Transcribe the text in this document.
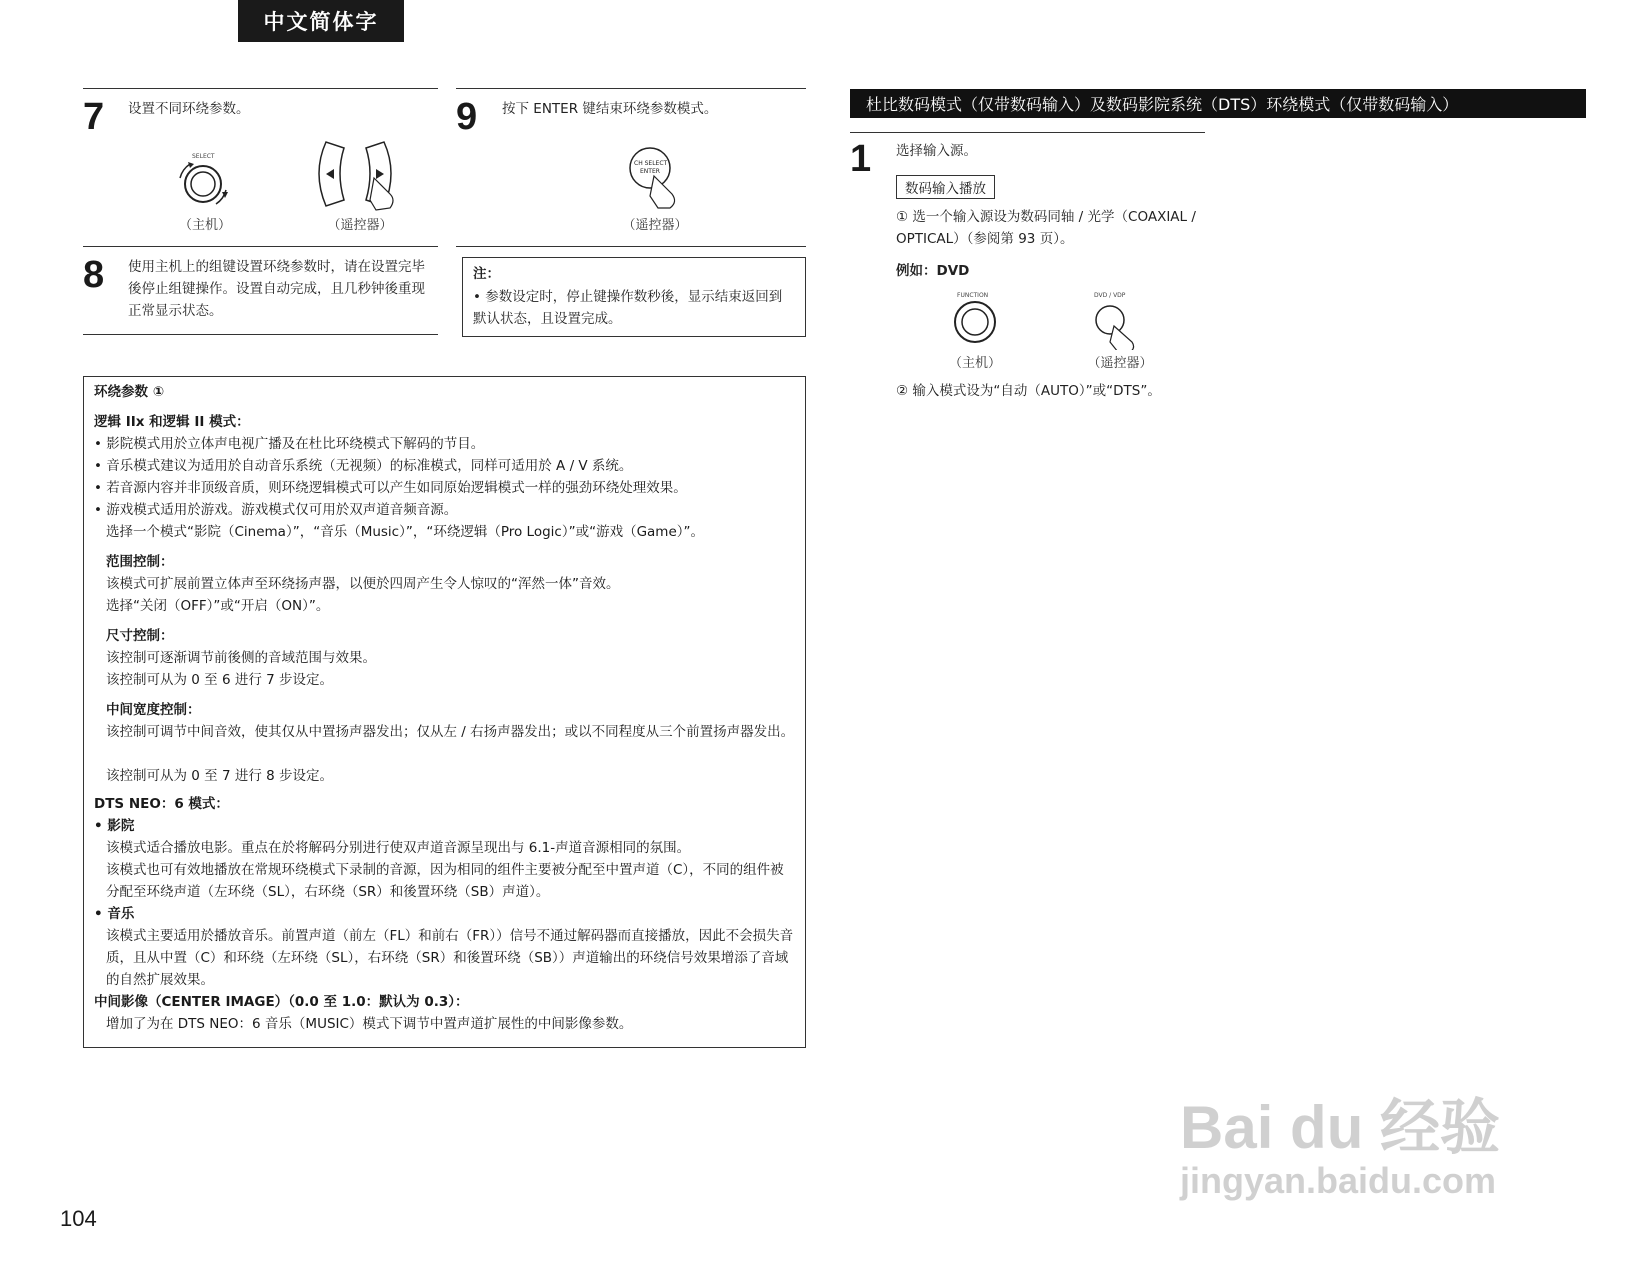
中文简体字
7 设置不同环绕参数。
SELECT
（主机）	（遥控器）
9 按下 ENTER 键结束环绕参数模式。
CH SELECT
ENTER
（遥控器）
8 使用主机上的组键设置环绕参数时，请在设置完毕後停止组键操作。设置自动完成，且几秒钟後重现正常显示状态。
注：
• 参数设定时，停止键操作数秒後，显示结束返回到默认状态，且设置完成。
环绕参数 ①
逻辑 IIx 和逻辑 II 模式：
• 影院模式用於立体声电视广播及在杜比环绕模式下解码的节目。
• 音乐模式建议为适用於自动音乐系统（无视频）的标准模式，同样可适用於 A / V 系统。
• 若音源内容并非顶级音质，则环绕逻辑模式可以产生如同原始逻辑模式一样的强劲环绕处理效果。
• 游戏模式适用於游戏。游戏模式仅可用於双声道音频音源。
选择一个模式“影院（Cinema）”，“音乐（Music）”，“环绕逻辑（Pro Logic）”或“游戏（Game）”。
范围控制：
该模式可扩展前置立体声至环绕扬声器，以便於四周产生令人惊叹的“浑然一体”音效。
选择“关闭（OFF）”或“开启（ON）”。
尺寸控制：
该控制可逐渐调节前後侧的音域范围与效果。
该控制可从为 0 至 6 进行 7 步设定。
中间宽度控制：
该控制可调节中间音效，使其仅从中置扬声器发出；仅从左 / 右扬声器发出；或以不同程度从三个前置扬声器发出。
该控制可从为 0 至 7 进行 8 步设定。
DTS NEO：6 模式：
• 影院
该模式适合播放电影。重点在於将解码分别进行使双声道音源呈现出与 6.1-声道音源相同的氛围。
该模式也可有效地播放在常规环绕模式下录制的音源，因为相同的组件主要被分配至中置声道（C），不同的组件被分配至环绕声道（左环绕（SL），右环绕（SR）和後置环绕（SB）声道）。
• 音乐
该模式主要适用於播放音乐。前置声道（前左（FL）和前右（FR））信号不通过解码器而直接播放，因此不会损失音质，且从中置（C）和环绕（左环绕（SL），右环绕（SR）和後置环绕（SB））声道输出的环绕信号效果增添了音域的自然扩展效果。
中间影像（CENTER IMAGE）（0.0 至 1.0：默认为 0.3）：
增加了为在 DTS NEO：6 音乐（MUSIC）模式下调节中置声道扩展性的中间影像参数。
104
杜比数码模式（仅带数码输入）及数码影院系统（DTS）环绕模式（仅带数码输入）
1 选择输入源。
数码输入播放
① 选一个输入源设为数码同轴 / 光学（COAXIAL / OPTICAL）（参阅第 93 页）。
例如：DVD
FUNCTION	DVD / VDP
（主机）	（遥控器）
② 输入模式设为“自动（AUTO）”或“DTS”。
Bai du 经验
jingyan.baidu.com
